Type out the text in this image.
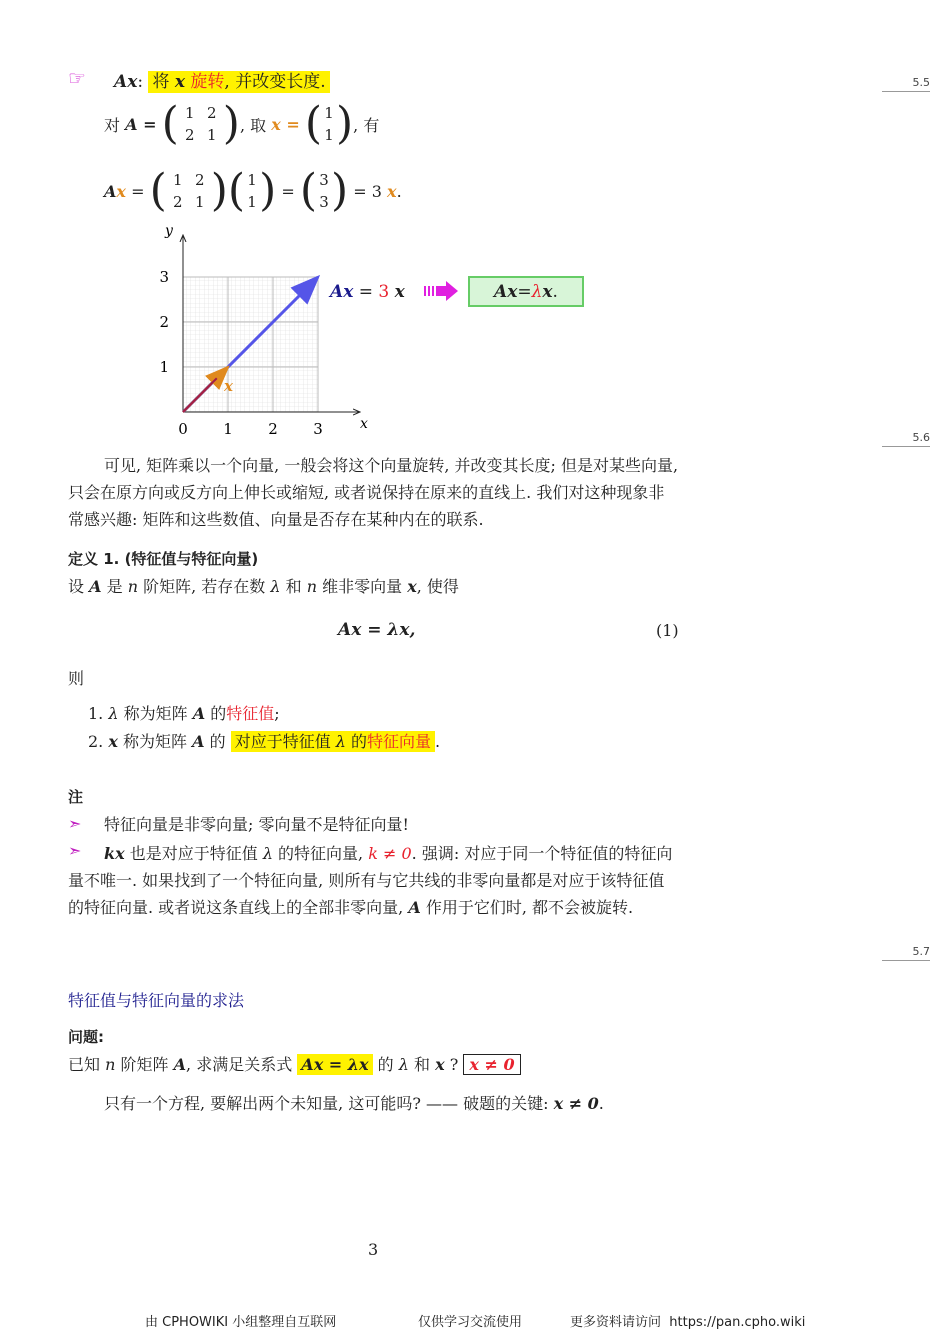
5.5
5.6
5.7
☞ Ax: 将 x 旋转, 并改变长度.
对
A =
( 1 2
2 1 ) , 取
x =
( 1
1 ) , 有
A x
=
( 1 2
2 1 ) ( 1
1 )
=
( 3
3 )
= 3
x .
0 1 2 3
1
2
3
x
y
x
Ax = 3 x	Ax = λ x .
可见, 矩阵乘以一个向量, 一般会将这个向量旋转, 并改变其长度; 但是对某些向量, 只会在原方向或反方向上伸长或缩短, 或者说保持在原来的直线上. 我们对这种现象非常感兴趣: 矩阵和这些数值、向量是否存在某种内在的联系.
定义 1. (特征值与特征向量)
设 A 是 n 阶矩阵, 若存在数 λ 和 n 维非零向量 x, 使得
Ax = λx,	(1)
则
1. λ 称为矩阵 A 的特征值;
2. x 称为矩阵 A 的 对应于特征值 λ 的特征向量 .
注
➣ 特征向量是非零向量; 零向量不是特征向量!
➣	kx 也是对应于特征值 λ 的特征向量, k ≠ 0. 强调: 对应于同一个特征值的特征向量不唯一. 如果找到了一个特征向量, 则所有与它共线的非零向量都是对应于该特征值的特征向量. 或者说这条直线上的全部非零向量, A 作用于它们时, 都不会被旋转.
特征值与特征向量的求法
问题:
已知 n 阶矩阵 A, 求满足关系式 Ax = λx 的 λ 和 x ? x ≠ 0
只有一个方程, 要解出两个未知量, 这可能吗? —— 破题的关键: x ≠ 0.
3
由 CPHOWIKI 小组整理自互联网	仅供学习交流使用	更多资料请访问 https://pan.cpho.wiki
